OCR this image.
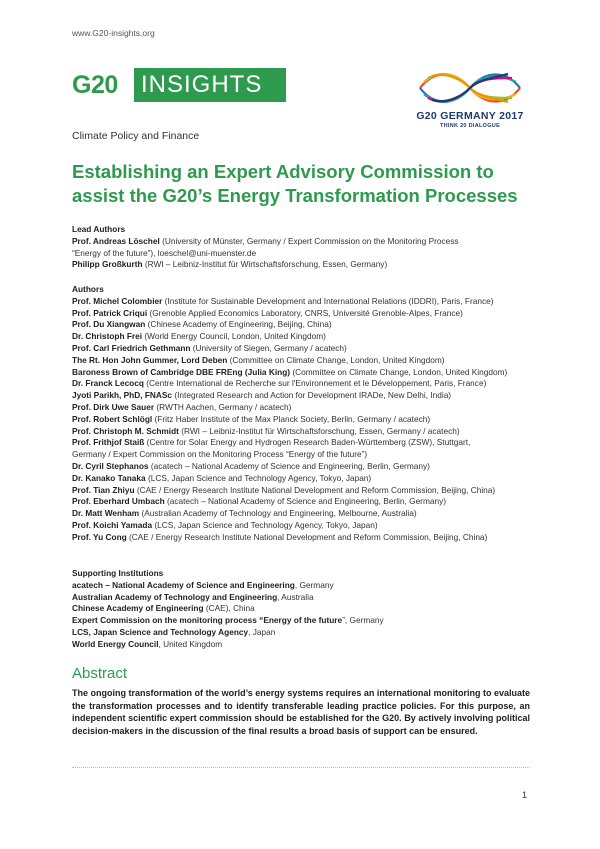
www.G20-insights.org
G20 INSIGHTS
G20 GERMANY 2017
THINK 20 DIALOGUE
Climate Policy and Finance
Establishing an Expert Advisory Commission to assist the G20’s Energy Transformation Processes
Lead Authors
Prof. Andreas Löschel (University of Münster, Germany / Expert Commission on the Monitoring Process
“Energy of the future”), loeschel@uni-muenster.de
Philipp Großkurth (RWI – Leibniz-Institut für Wirtschaftsforschung, Essen, Germany)
Authors
Prof. Michel Colombier (Institute for Sustainable Development and International Relations (IDDRI), Paris, France)
Prof. Patrick Criqui (Grenoble Applied Economics Laboratory, CNRS, Université Grenoble-Alpes, France)
Prof. Du Xiangwan (Chinese Academy of Engineering, Beijing, China)
Dr. Christoph Frei (World Energy Council, London, United Kingdom)
Prof. Carl Friedrich Gethmann (University of Siegen, Germany / acatech)
The Rt. Hon John Gummer, Lord Deben (Committee on Climate Change, London, United Kingdom)
Baroness Brown of Cambridge DBE FREng (Julia King) (Committee on Climate Change, London, United Kingdom)
Dr. Franck Lecocq (Centre International de Recherche sur l'Environnement et le Développement, Paris, France)
Jyoti Parikh, PhD, FNASc (Integrated Research and Action for Development IRADe, New Delhi, India)
Prof. Dirk Uwe Sauer (RWTH Aachen, Germany / acatech)
Prof. Robert Schlögl (Fritz Haber Institute of the Max Planck Society, Berlin, Germany / acatech)
Prof. Christoph M. Schmidt (RWI – Leibniz-Institut für Wirtschaftsforschung, Essen, Germany / acatech)
Prof. Frithjof Staiß (Centre for Solar Energy and Hydrogen Research Baden-Württemberg (ZSW), Stuttgart,
Germany / Expert Commission on the Monitoring Process “Energy of the future”)
Dr. Cyril Stephanos (acatech – National Academy of Science and Engineering, Berlin, Germany)
Dr. Kanako Tanaka (LCS, Japan Science and Technology Agency, Tokyo, Japan)
Prof. Tian Zhiyu (CAE / Energy Research Institute National Development and Reform Commission, Beijing, China)
Prof. Eberhard Umbach (acatech – National Academy of Science and Engineering, Berlin, Germany)
Dr. Matt Wenham (Australian Academy of Technology and Engineering, Melbourne, Australia)
Prof. Koichi Yamada (LCS, Japan Science and Technology Agency, Tokyo, Japan)
Prof. Yu Cong (CAE / Energy Research Institute National Development and Reform Commission, Beijing, China)
Supporting Institutions
acatech – National Academy of Science and Engineering, Germany
Australian Academy of Technology and Engineering, Australia
Chinese Academy of Engineering (CAE), China
Expert Commission on the monitoring process “Energy of the future”, Germany
LCS, Japan Science and Technology Agency, Japan
World Energy Council, United Kingdom
Abstract
The ongoing transformation of the world’s energy systems requires an international monitoring to evaluate the transformation processes and to identify transferable leading practice policies. For this purpose, an independent scientific expert commission should be established for the G20. By actively involving political decision-makers in the discussion of the final results a broad basis of support can be ensured.
1
